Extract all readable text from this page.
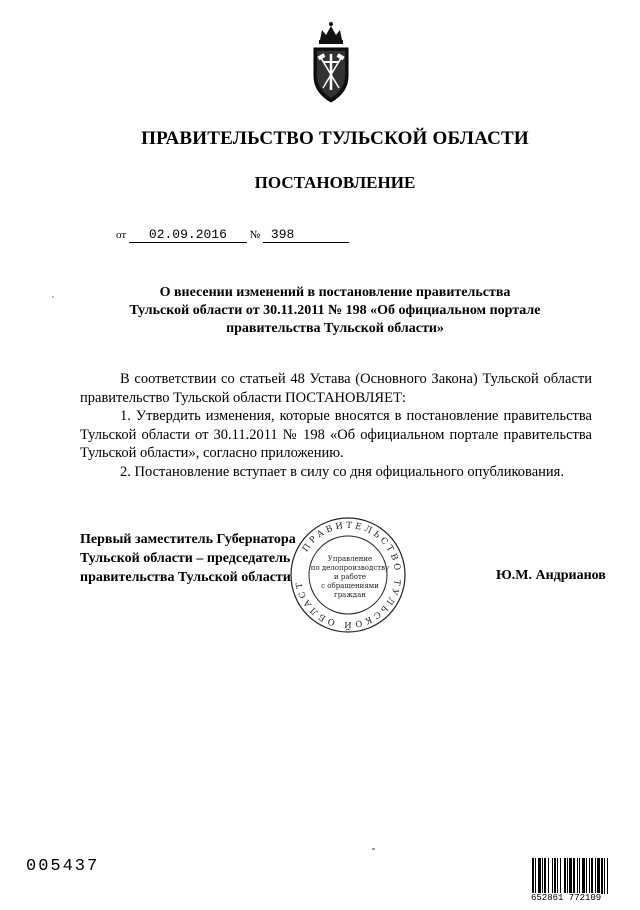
ПРАВИТЕЛЬСТВО ТУЛЬСКОЙ ОБЛАСТИ
ПОСТАНОВЛЕНИЕ
от 02.09.2016 № 398
О внесении изменений в постановление правительства
Тульской области от 30.11.2011 № 198 «Об официальном портале
правительства Тульской области»

В соответствии со статьей 48 Устава (Основного Закона) Тульской области правительство Тульской области ПОСТАНОВЛЯЕТ:

1. Утвердить изменения, которые вносятся в постановление правительства Тульской области от 30.11.2011 № 198 «Об официальном портале правительства Тульской области», согласно приложению.

2. Постановление вступает в силу со дня официального опубликования.

ПРАВИТЕЛЬСТВО ТУЛЬСКОЙ ОБЛАСТ
Управление
по делопроизводству
и работе
с обращениями
граждан
Первый заместитель Губернатора
Тульской области – председатель
правительства Тульской области	Ю.М. Андрианов
005437
652861 772109
